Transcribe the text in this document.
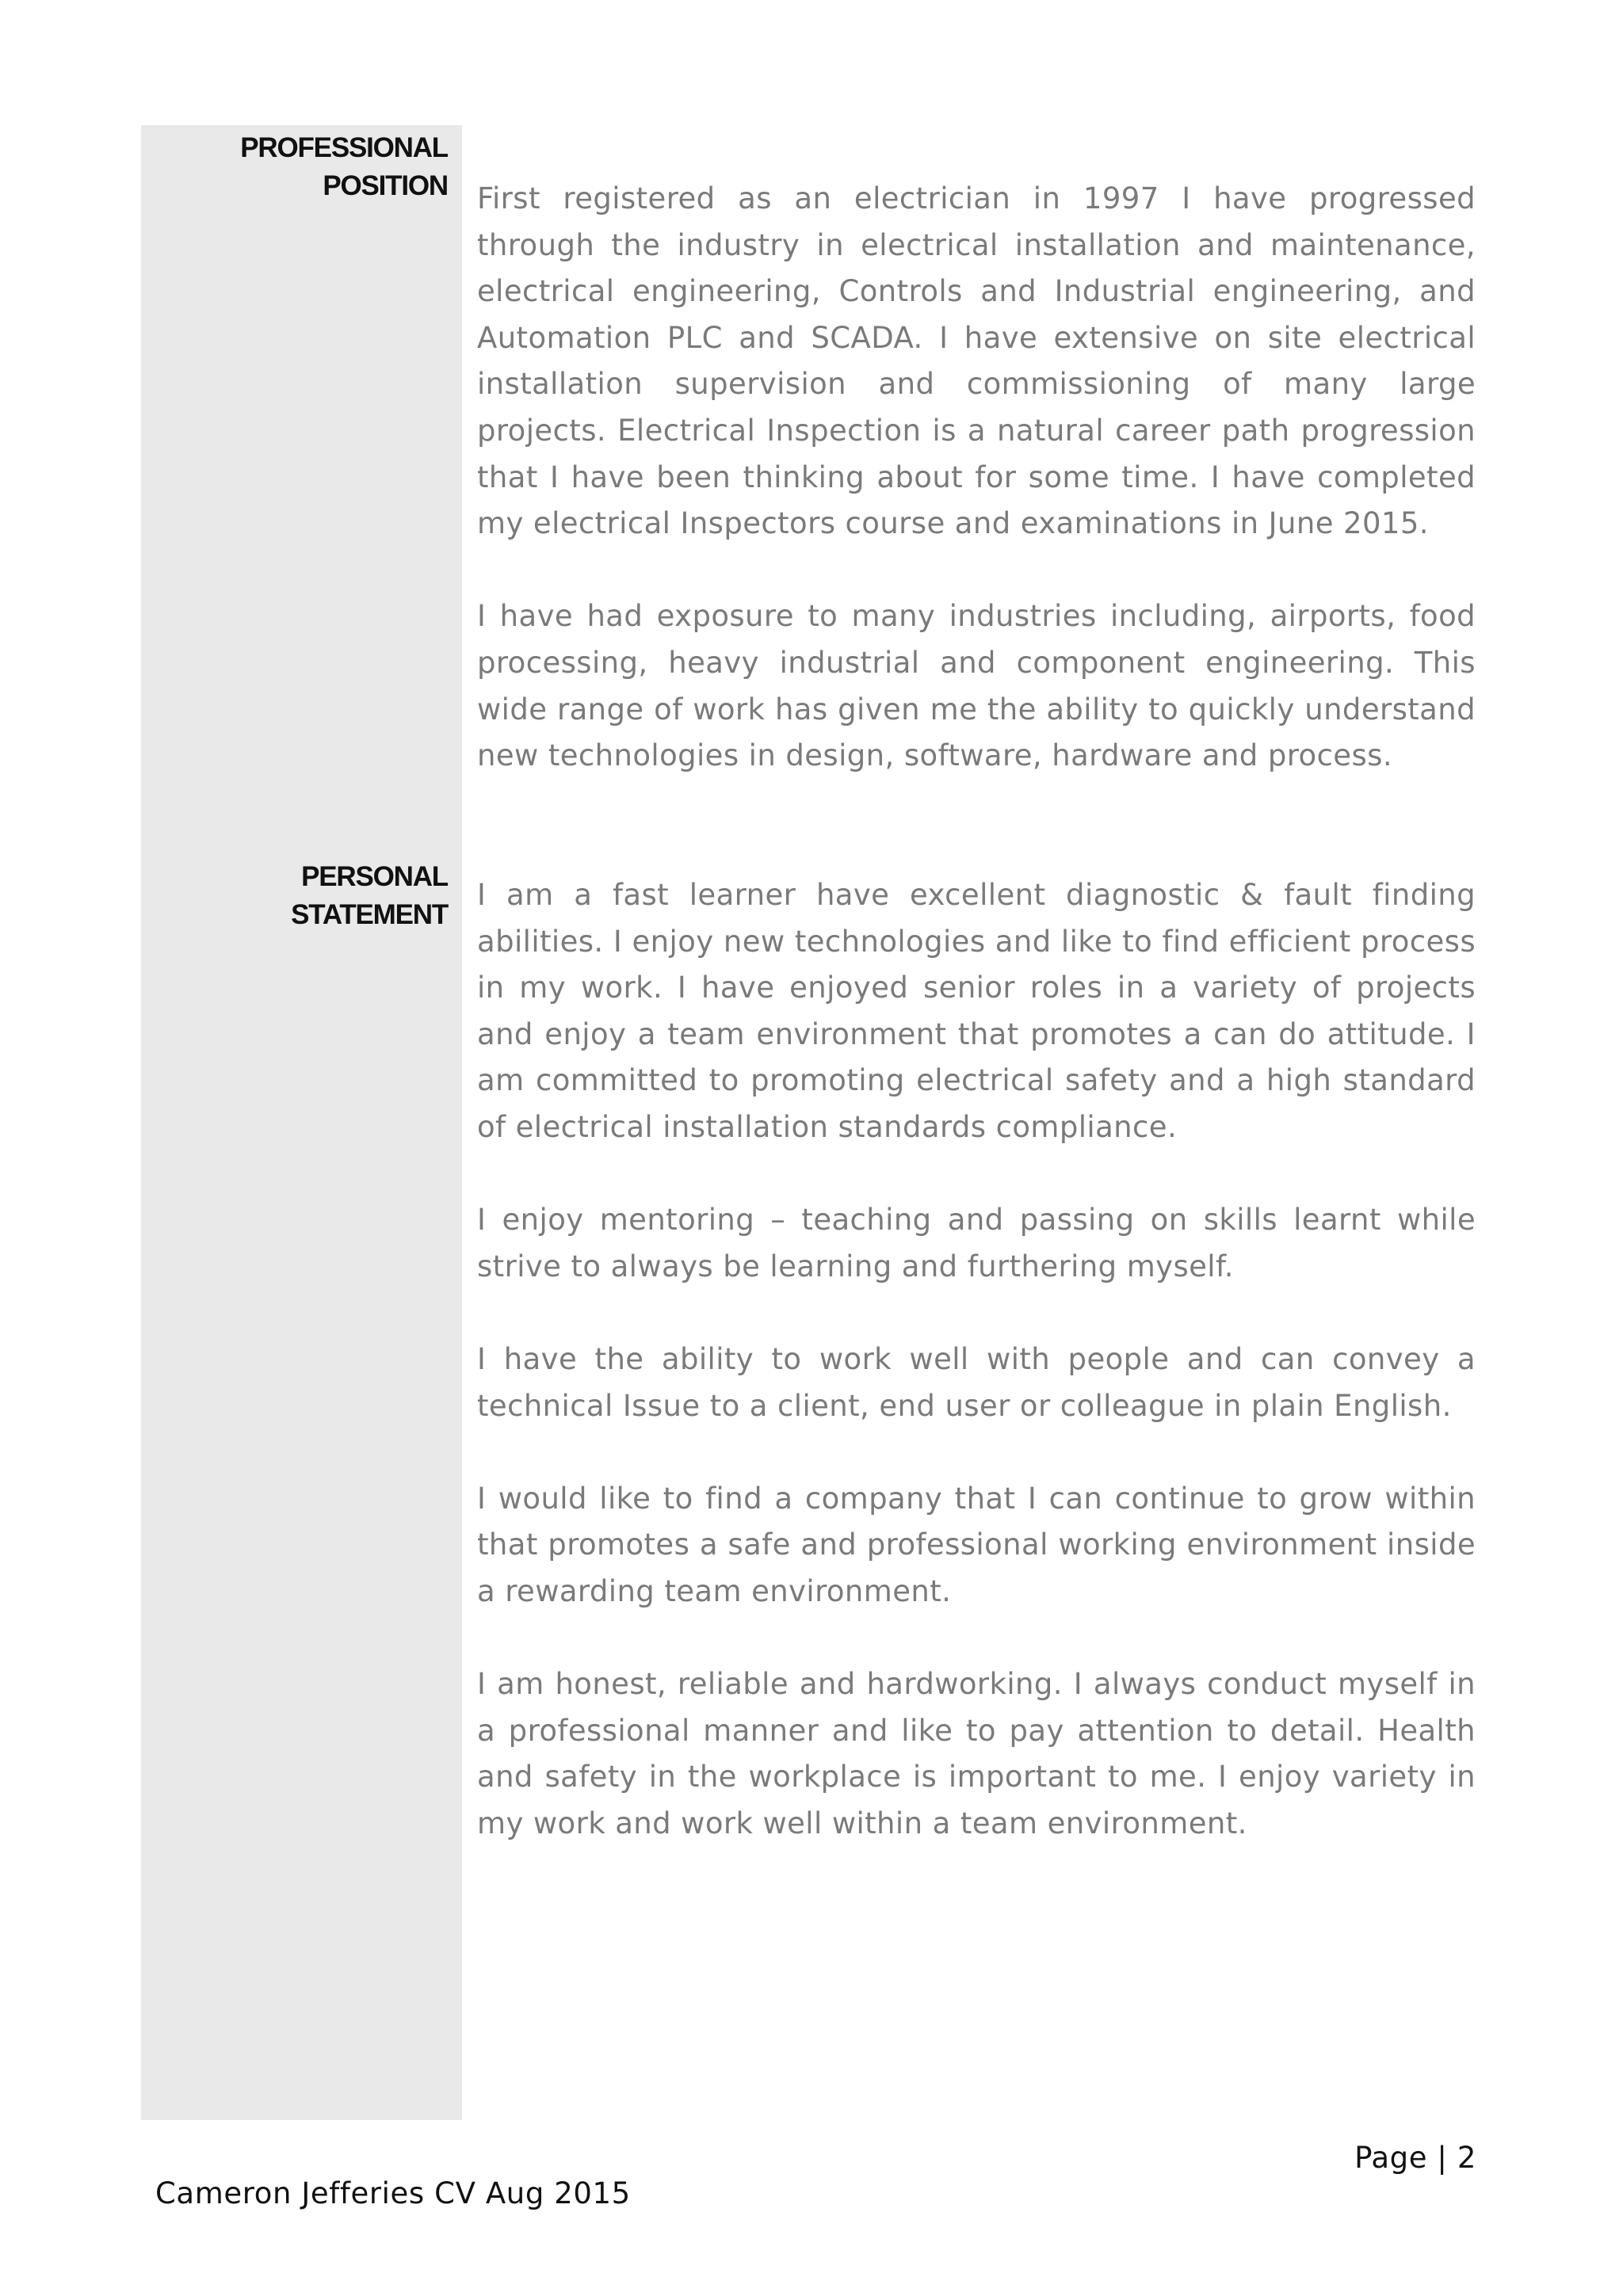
PROFESSIONAL
POSITION First registered as an electrician in 1997 I have progressed through the industry in electrical installation and maintenance, electrical engineering, Controls and Industrial engineering, and Automation PLC and SCADA. I have extensive on site electrical installation supervision and commissioning of many large projects. Electrical Inspection is a natural career path progression that I have been thinking about for some time. I have completed my electrical Inspectors course and examinations in June 2015.

I have had exposure to many industries including, airports, food processing, heavy industrial and component engineering. This wide range of work has given me the ability to quickly understand new technologies in design, software, hardware and process.

PERSONAL
STATEMENT

I am a fast learner have excellent diagnostic & fault finding abilities. I enjoy new technologies and like to find efficient process in my work. I have enjoyed senior roles in a variety of projects and enjoy a team environment that promotes a can do attitude. I am committed to promoting electrical safety and a high standard of electrical installation standards compliance.

I enjoy mentoring – teaching and passing on skills learnt while strive to always be learning and furthering myself.

I have the ability to work well with people and can convey a technical Issue to a client, end user or colleague in plain English.

I would like to find a company that I can continue to grow within that promotes a safe and professional working environment inside a rewarding team environment.

I am honest, reliable and hardworking. I always conduct myself in a professional manner and like to pay attention to detail. Health and safety in the workplace is important to me. I enjoy variety in my work and work well within a team environment.

Page | 2
Cameron Jefferies CV Aug 2015
